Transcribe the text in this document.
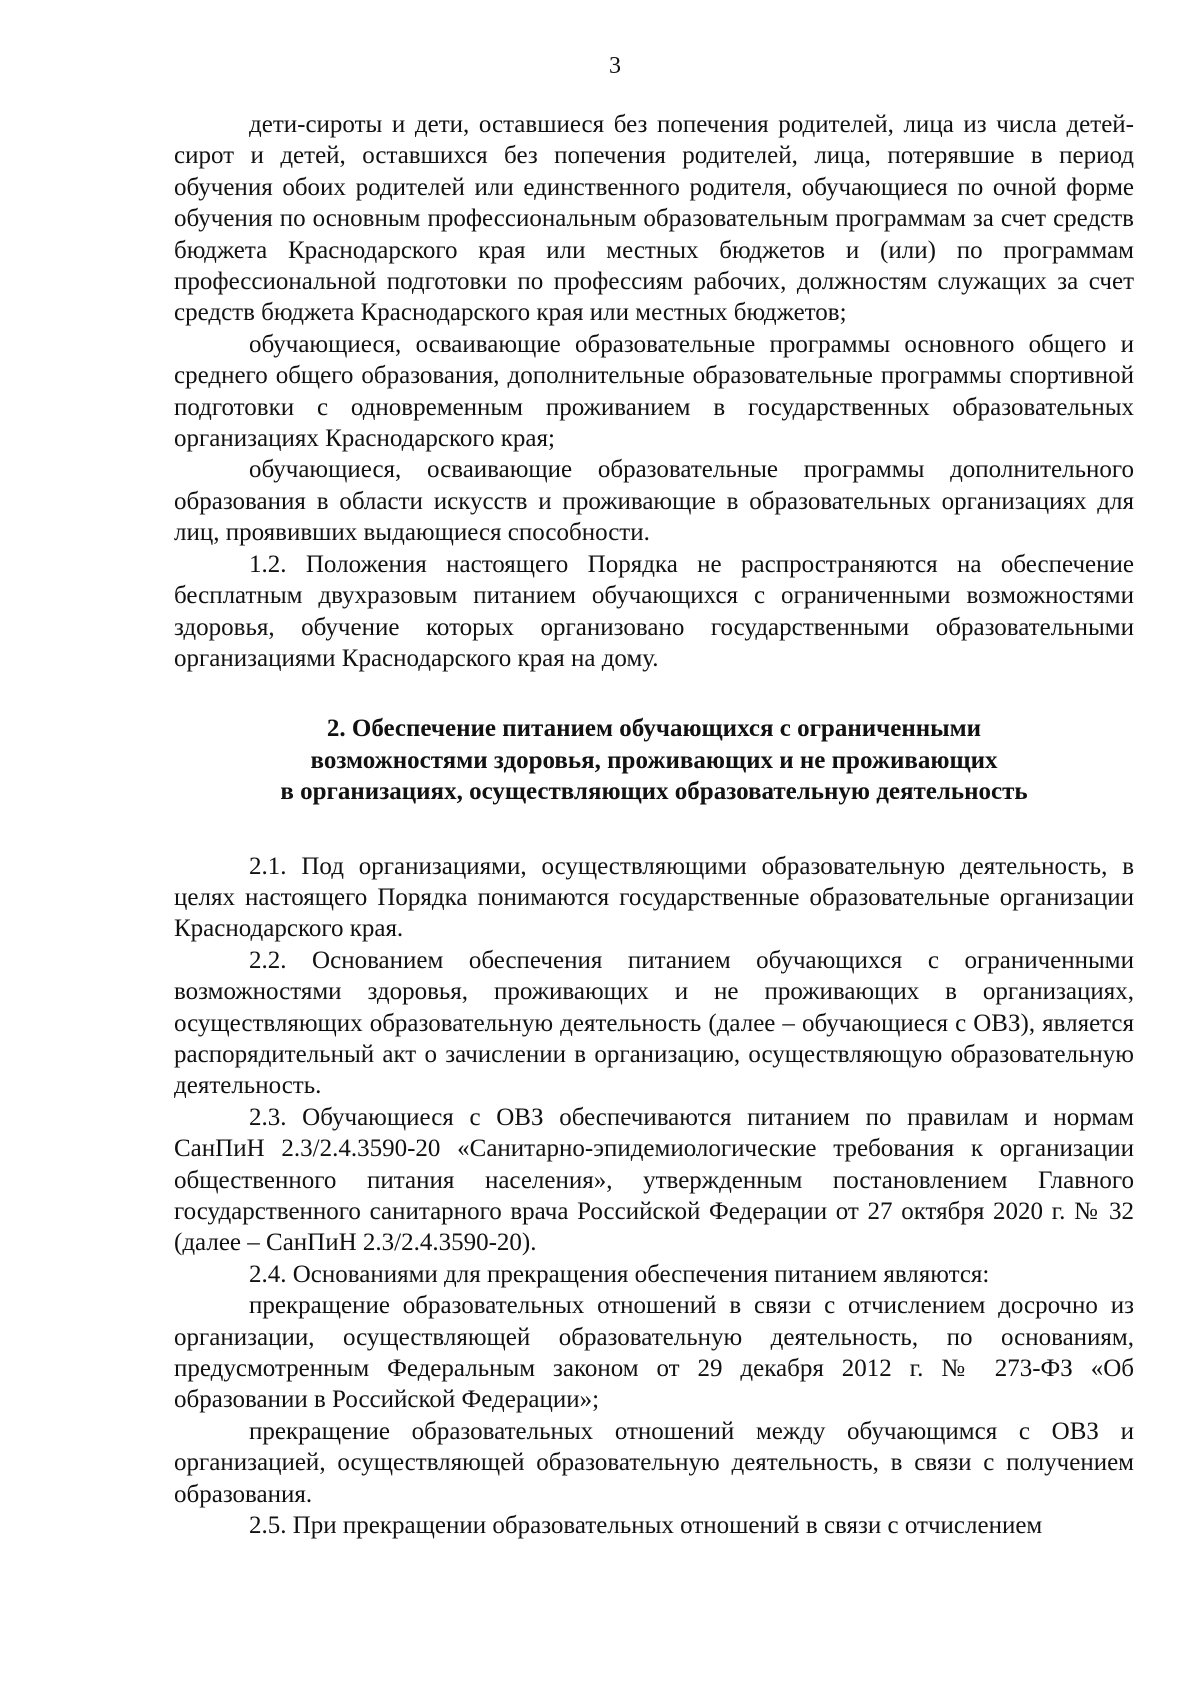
3

дети-сироты и дети, оставшиеся без попечения родителей, лица из числа детей-сирот и детей, оставшихся без попечения родителей, лица, потерявшие в период обучения обоих родителей или единственного родителя, обучающиеся по очной форме обучения по основным профессиональным образовательным программам за счет средств бюджета Краснодарского края или местных бюджетов и (или) по программам профессиональной подготовки по профессиям рабочих, должностям служащих за счет средств бюджета Краснодарского края или местных бюджетов;

обучающиеся, осваивающие образовательные программы основного общего и среднего общего образования, дополнительные образовательные программы спортивной подготовки с одновременным проживанием в государственных образовательных организациях Краснодарского края;

обучающиеся, осваивающие образовательные программы дополнительного образования в области искусств и проживающие в образовательных организациях для лиц, проявивших выдающиеся способности.

1.2. Положения настоящего Порядка не распространяются на обеспечение бесплатным двухразовым питанием обучающихся с ограниченными возможностями здоровья, обучение которых организовано государственными образовательными организациями Краснодарского края на дому.

2. Обеспечение питанием обучающихся с ограниченными
возможностями здоровья, проживающих и не проживающих
в организациях, осуществляющих образовательную деятельность

2.1. Под организациями, осуществляющими образовательную деятельность, в целях настоящего Порядка понимаются государственные образовательные организации Краснодарского края.

2.2. Основанием обеспечения питанием обучающихся с ограниченными возможностями здоровья, проживающих и не проживающих в организациях, осуществляющих образовательную деятельность (далее – обучающиеся с ОВЗ), является распорядительный акт о зачислении в организацию, осуществляющую образовательную деятельность.

2.3. Обучающиеся с ОВЗ обеспечиваются питанием по правилам и нормам СанПиН 2.3/2.4.3590-20 «Санитарно-эпидемиологические требования к организации общественного питания населения», утвержденным постановлением Главного государственного санитарного врача Российской Федерации от 27 октября 2020 г. № 32 (далее – СанПиН 2.3/2.4.3590-20).

2.4. Основаниями для прекращения обеспечения питанием являются:

прекращение образовательных отношений в связи с отчислением досрочно из организации, осуществляющей образовательную деятельность, по основаниям, предусмотренным Федеральным законом от 29 декабря 2012 г. № 273-ФЗ «Об образовании в Российской Федерации»;

прекращение образовательных отношений между обучающимся с ОВЗ и организацией, осуществляющей образовательную деятельность, в связи с получением образования.

2.5. При прекращении образовательных отношений в связи с отчислением
